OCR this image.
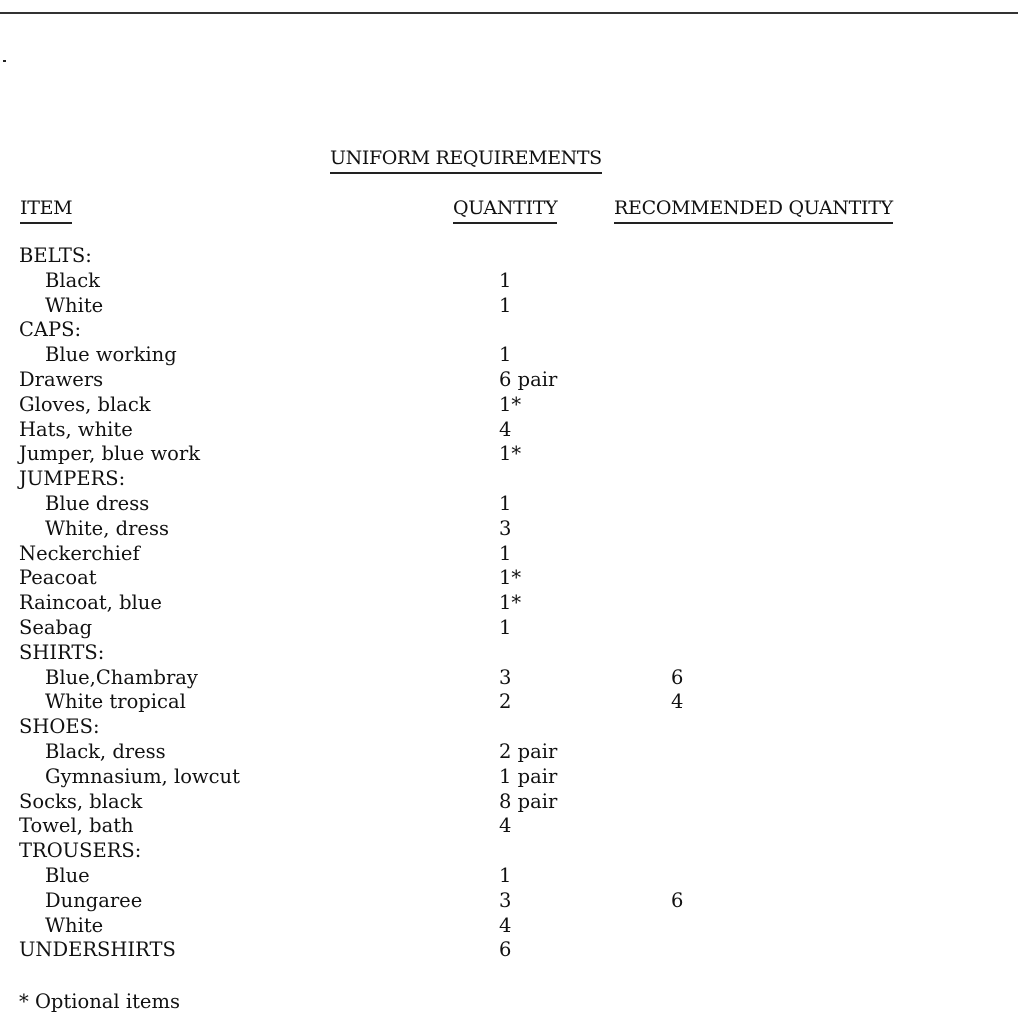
UNIFORM REQUIREMENTS
ITEM	QUANTITY	RECOMMENDED QUANTITY
BELTS:
Black	1
White	1
CAPS:
Blue working	1
Drawers	6 pair
Gloves, black	1*
Hats, white	4
Jumper, blue work	1*
JUMPERS:
Blue dress	1
White, dress	3
Neckerchief	1
Peacoat	1*
Raincoat, blue	1*
Seabag	1
SHIRTS:
Blue,Chambray	3	6
White tropical	2	4
SHOES:
Black, dress	2 pair
Gymnasium, lowcut	1 pair
Socks, black	8 pair
Towel, bath	4
TROUSERS:
Blue	1
Dungaree	3	6
White	4
UNDERSHIRTS	6
* Optional items
